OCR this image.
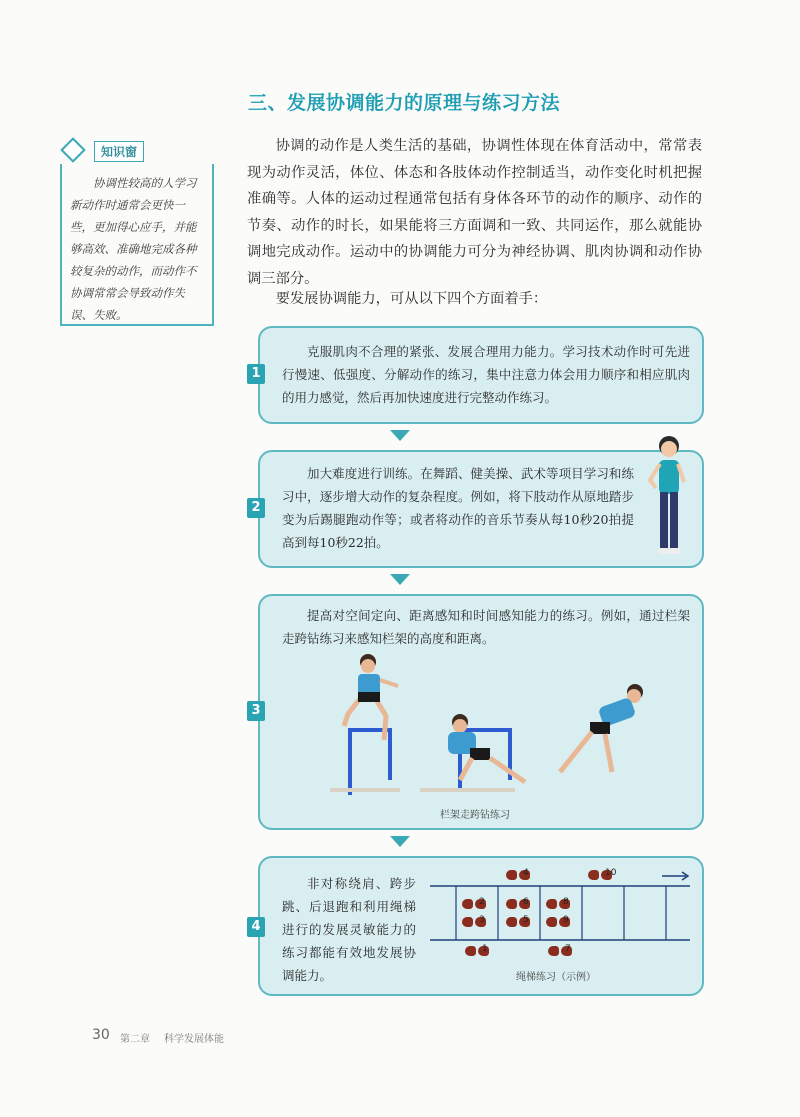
三、发展协调能力的原理与练习方法
知识窗
协调性较高的人学习新动作时通常会更快一些，更加得心应手，并能够高效、准确地完成各种较复杂的动作，而动作不协调常常会导致动作失误、失败。
协调的动作是人类生活的基础，协调性体现在体育活动中，常常表现为动作灵活，体位、体态和各肢体动作控制适当，动作变化时机把握准确等。人体的运动过程通常包括有身体各环节的动作的顺序、动作的节奏、动作的时长，如果能将三方面调和一致、共同运作，那么就能协调地完成动作。运动中的协调能力可分为神经协调、肌肉协调和动作协调三部分。
要发展协调能力，可从以下四个方面着手：
1
克服肌肉不合理的紧张、发展合理用力能力。学习技术动作时可先进行慢速、低强度、分解动作的练习，集中注意力体会用力顺序和相应肌肉的用力感觉，然后再加快速度进行完整动作练习。
2
加大难度进行训练。在舞蹈、健美操、武术等项目学习和练习中，逐步增大动作的复杂程度。例如，将下肢动作从原地踏步变为后踢腿跑动作等；或者将动作的音乐节奏从每10秒20拍提高到每10秒22拍。
3
提高对空间定向、距离感知和时间感知能力的练习。例如，通过栏架走跨钻练习来感知栏架的高度和距离。
栏架走跨钻练习
4
非对称绕肩、跨步跳、后退跑和利用绳梯进行的发展灵敏能力的练习都能有效地发展协调能力。
1
2
3
4
5
6
7
8
9
10
绳梯练习（示例）
30 第二章 科学发展体能
